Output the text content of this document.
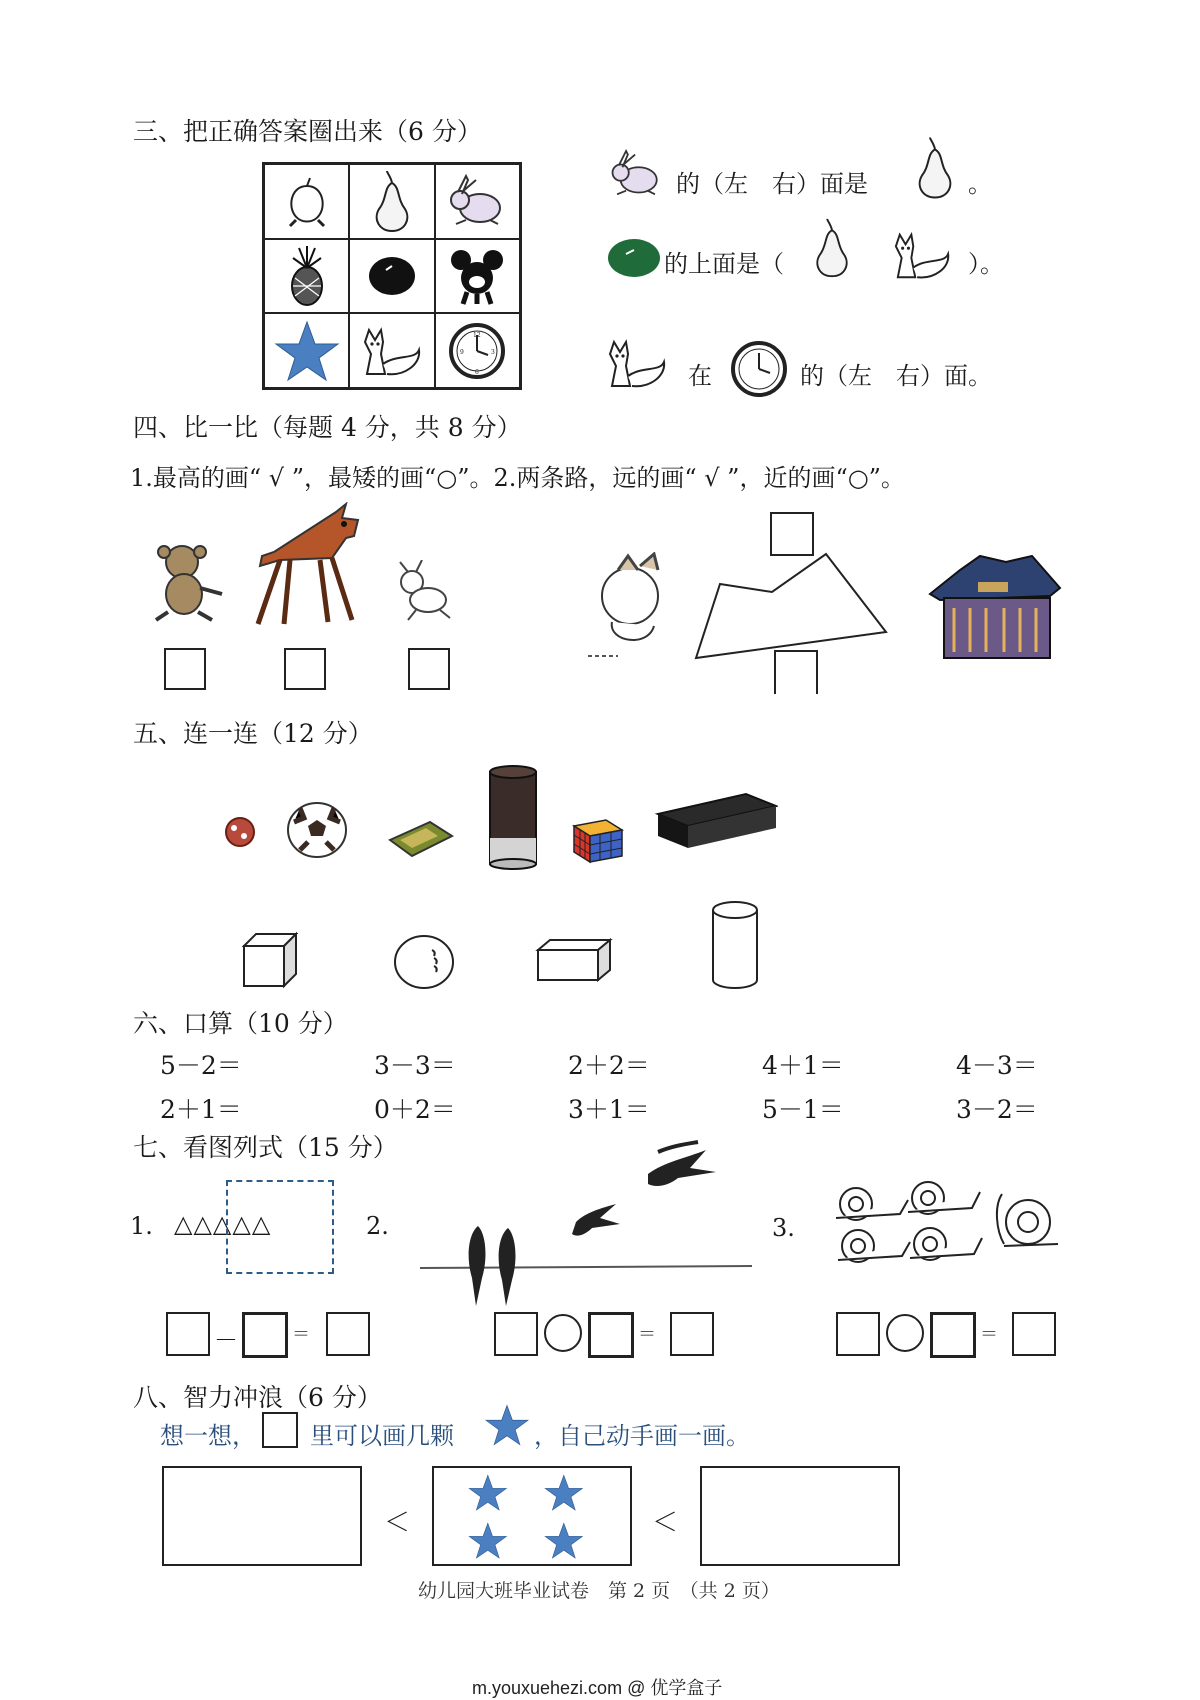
三、把正确答案圈出来（6 分）
12
6
9	3
的（左　右）面是	。
的上面是（	）。
在	的（左　右）面。
四、比一比（每题 4 分，共 8 分）
1.最高的画“ √ ”，最矮的画“○”。2.两条路，远的画“ √ ”，近的画“○”。
五、连一连（12 分）
六、口算（10 分）
5－2＝	3－3＝	2＋2＝	4＋1＝	4－3＝
2＋1＝	0＋2＝	3＋1＝	5－1＝	3－2＝
七、看图列式（15 分）
1. △△△△△
－	＝
2.
＝
3.
＝
八、智力冲浪（6 分）
想一想， 里可以画几颗	，自己动手画一画。
＜	＜
幼儿园大班毕业试卷　第 2 页　（共 2 页）
m.youxuehezi.com @ 优学盒子
